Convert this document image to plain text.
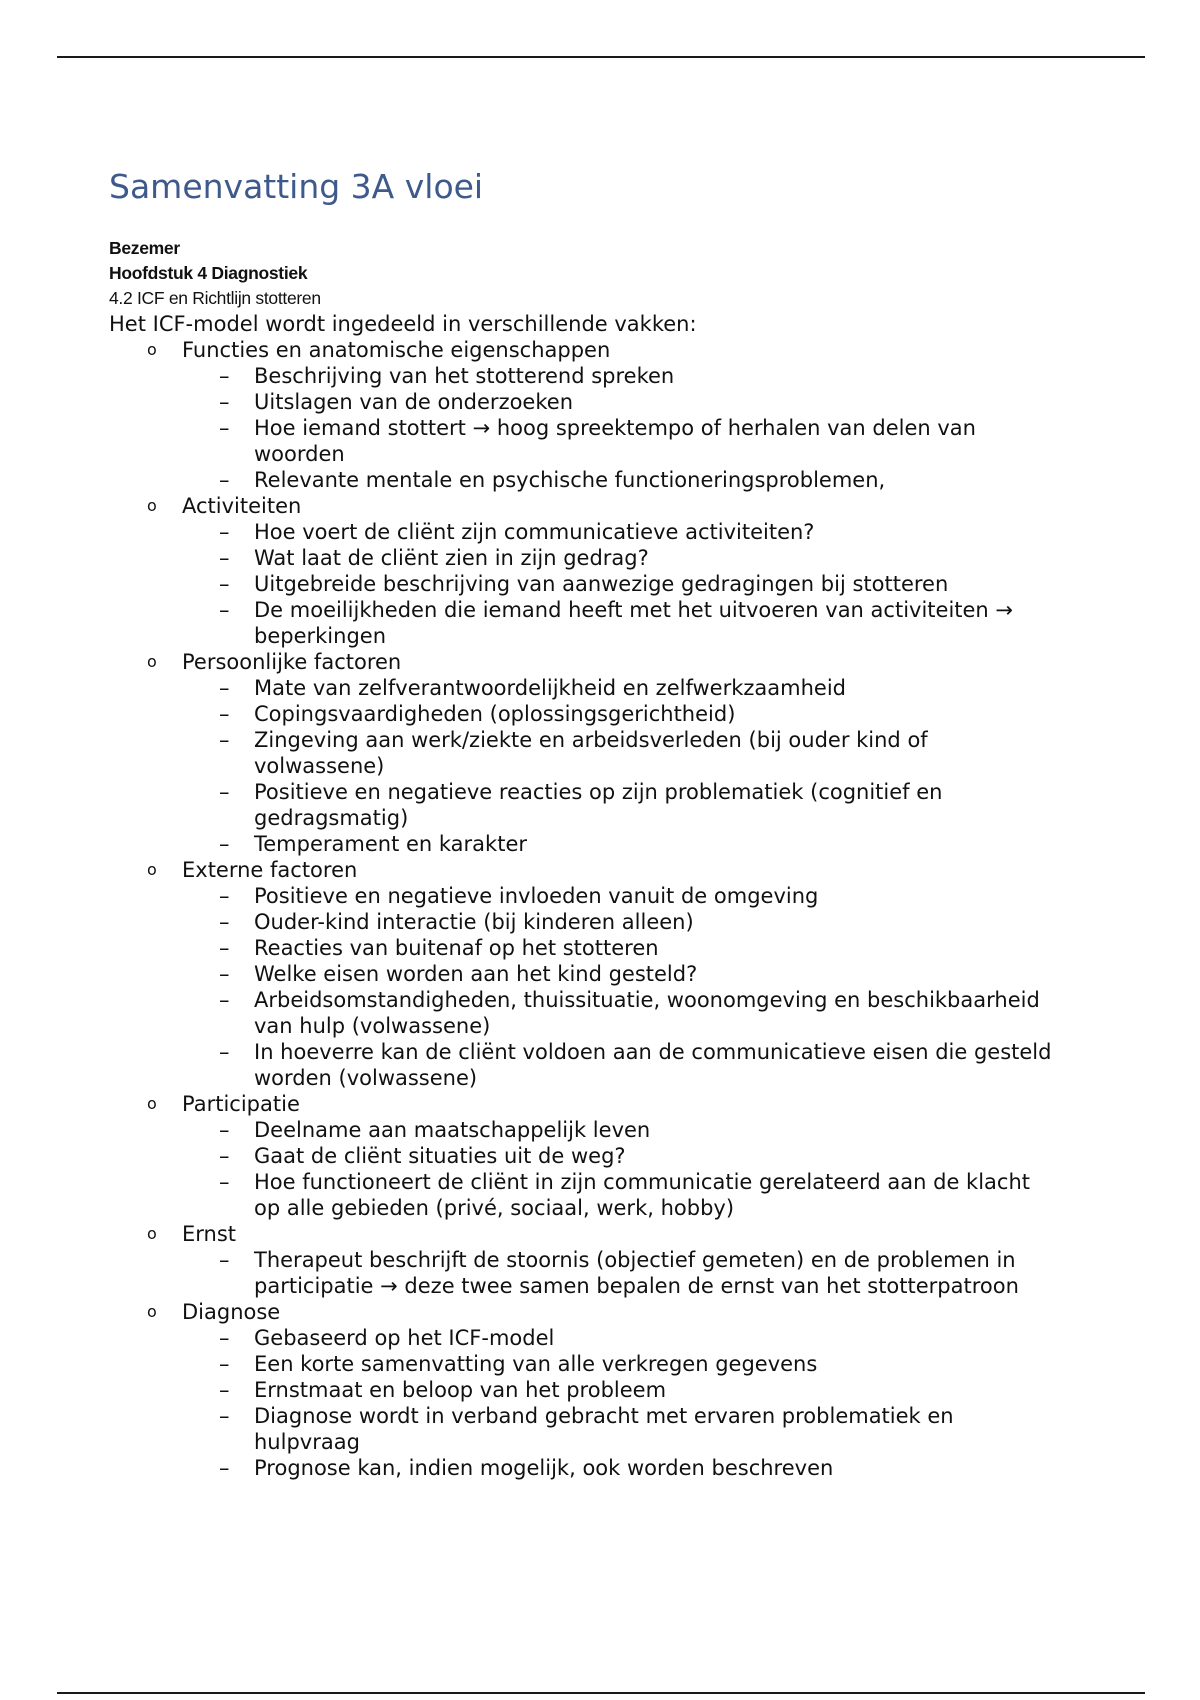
Samenvatting 3A vloei
Bezemer
Hoofdstuk 4 Diagnostiek
4.2 ICF en Richtlijn stotteren
Het ICF-model wordt ingedeeld in verschillende vakken:
o Functies en anatomische eigenschappen
– Beschrijving van het stotterend spreken
– Uitslagen van de onderzoeken
– Hoe iemand stottert → hoog spreektempo of herhalen van delen van woorden
– Relevante mentale en psychische functioneringsproblemen,
o Activiteiten
– Hoe voert de cliënt zijn communicatieve activiteiten?
– Wat laat de cliënt zien in zijn gedrag?
– Uitgebreide beschrijving van aanwezige gedragingen bij stotteren
– De moeilijkheden die iemand heeft met het uitvoeren van activiteiten → beperkingen
o Persoonlijke factoren
– Mate van zelfverantwoordelijkheid en zelfwerkzaamheid
– Copingsvaardigheden (oplossingsgerichtheid)
– Zingeving aan werk/ziekte en arbeidsverleden (bij ouder kind of volwassene)
– Positieve en negatieve reacties op zijn problematiek (cognitief en gedragsmatig)
– Temperament en karakter
o Externe factoren
– Positieve en negatieve invloeden vanuit de omgeving
– Ouder-kind interactie (bij kinderen alleen)
– Reacties van buitenaf op het stotteren
– Welke eisen worden aan het kind gesteld?
– Arbeidsomstandigheden, thuissituatie, woonomgeving en beschikbaarheid van hulp (volwassene)
– In hoeverre kan de cliënt voldoen aan de communicatieve eisen die gesteld worden (volwassene)
o Participatie
– Deelname aan maatschappelijk leven
– Gaat de cliënt situaties uit de weg?
– Hoe functioneert de cliënt in zijn communicatie gerelateerd aan de klacht op alle gebieden (privé, sociaal, werk, hobby)
o Ernst
– Therapeut beschrijft de stoornis (objectief gemeten) en de problemen in participatie → deze twee samen bepalen de ernst van het stotterpatroon
o Diagnose
– Gebaseerd op het ICF-model
– Een korte samenvatting van alle verkregen gegevens
– Ernstmaat en beloop van het probleem
– Diagnose wordt in verband gebracht met ervaren problematiek en hulpvraag
– Prognose kan, indien mogelijk, ook worden beschreven
